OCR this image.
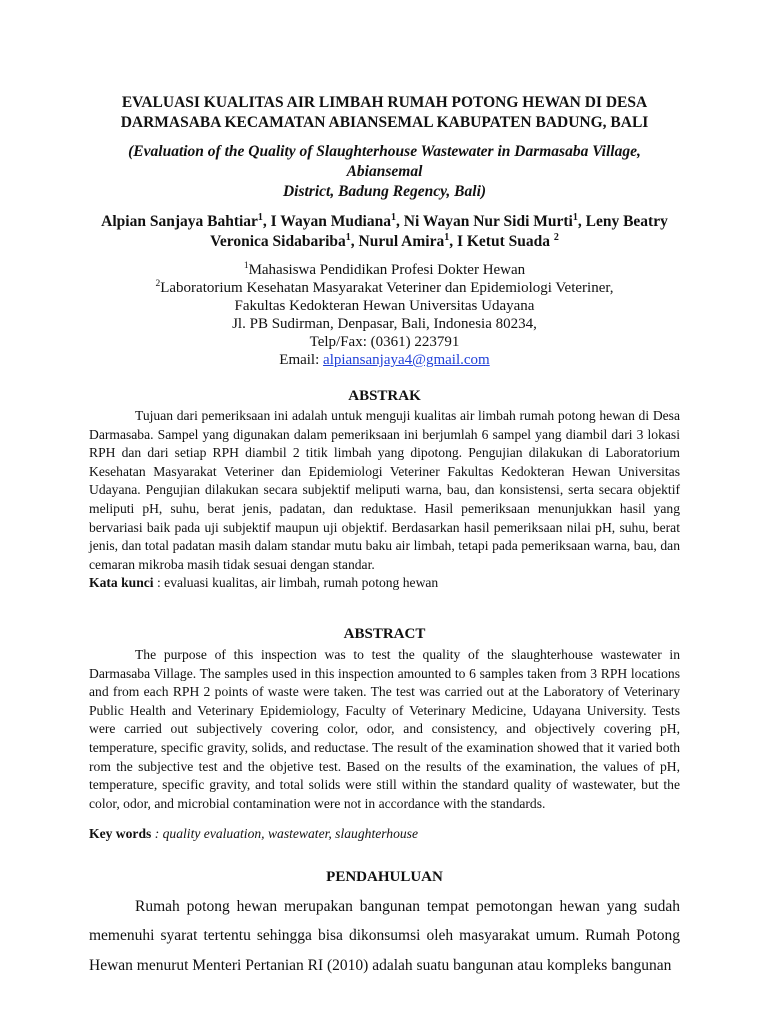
EVALUASI KUALITAS AIR LIMBAH RUMAH POTONG HEWAN DI DESA
DARMASABA KECAMATAN ABIANSEMAL KABUPATEN BADUNG, BALI

(Evaluation of the Quality of Slaughterhouse Wastewater in Darmasaba Village, Abiansemal
District, Badung Regency, Bali)

Alpian Sanjaya Bahtiar$^1$, I Wayan Mudiana$^1$, Ni Wayan Nur Sidi Murti$^1$, Leny Beatry
Veronica Sidabariba$^1$, Nurul Amira$^1$, I Ketut Suada $^2$

$^1$Mahasiswa Pendidikan Profesi Dokter Hewan
$^2$Laboratorium Kesehatan Masyarakat Veteriner dan Epidemiologi Veteriner,
Fakultas Kedokteran Hewan Universitas Udayana
Jl. PB Sudirman, Denpasar, Bali, Indonesia 80234,
Telp/Fax: (0361) 223791
Email: alpiansanjaya4@gmail.com

ABSTRAK

Tujuan dari pemeriksaan ini adalah untuk menguji kualitas air limbah rumah potong hewan di Desa Darmasaba. Sampel yang digunakan dalam pemeriksaan ini berjumlah 6 sampel yang diambil dari 3 lokasi RPH dan dari setiap RPH diambil 2 titik limbah yang dipotong. Pengujian dilakukan di Laboratorium Kesehatan Masyarakat Veteriner dan Epidemiologi Veteriner Fakultas Kedokteran Hewan Universitas Udayana. Pengujian dilakukan secara subjektif meliputi warna, bau, dan konsistensi, serta secara objektif meliputi pH, suhu, berat jenis, padatan, dan reduktase. Hasil pemeriksaan menunjukkan hasil yang bervariasi baik pada uji subjektif maupun uji objektif. Berdasarkan hasil pemeriksaan nilai pH, suhu, berat jenis, dan total padatan masih dalam standar mutu baku air limbah, tetapi pada pemeriksaan warna, bau, dan cemaran mikroba masih tidak sesuai dengan standar.

Kata kunci : evaluasi kualitas, air limbah, rumah potong hewan

ABSTRACT

The purpose of this inspection was to test the quality of the slaughterhouse wastewater in Darmasaba Village. The samples used in this inspection amounted to 6 samples taken from 3 RPH locations and from each RPH 2 points of waste were taken. The test was carried out at the Laboratory of Veterinary Public Health and Veterinary Epidemiology, Faculty of Veterinary Medicine, Udayana University. Tests were carried out subjectively covering color, odor, and consistency, and objectively covering pH, temperature, specific gravity, solids, and reductase. The result of the examination showed that it varied both rom the subjective test and the objetive test. Based on the results of the examination, the values of pH, temperature, specific gravity, and total solids were still within the standard quality of wastewater, but the color, odor, and microbial contamination were not in accordance with the standards.

Key words : quality evaluation, wastewater, slaughterhouse

PENDAHULUAN

Rumah potong hewan merupakan bangunan tempat pemotongan hewan yang sudah memenuhi syarat tertentu sehingga bisa dikonsumsi oleh masyarakat umum. Rumah Potong Hewan menurut Menteri Pertanian RI (2010) adalah suatu bangunan atau kompleks bangunan
